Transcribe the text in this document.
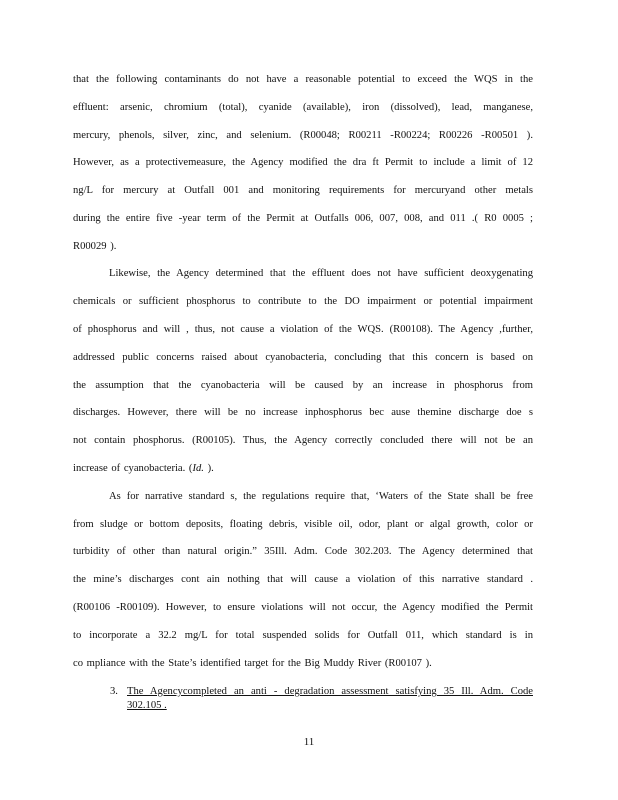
that the following contaminants do not have a reasonable potential to exceed the WQS in the
effluent: arsenic, chromium (total), cyanide (available), iron (dissolved), lead, manganese,
mercury, phenols, silver, zinc, and selenium. (R00048; R00211 -R00224; R00226 -R00501 ).
However, as a protectivemeasure, the Agency modified the dra ft Permit to include a limit of 12
ng/L for mercury at Outfall 001 and monitoring requirements for mercuryand other metals
during the entire five -year term of the Permit at Outfalls 006, 007, 008, and 011 .( R0 0005 ;
R00029 ).
Likewise, the Agency determined that the effluent does not have sufficient deoxygenating
chemicals or sufficient phosphorus to contribute to the DO impairment or potential impairment
of phosphorus and will , thus, not cause a violation of the WQS. (R00108). The Agency ,further,
addressed public concerns raised about cyanobacteria, concluding that this concern is based on
the assumption that the cyanobacteria will be caused by an increase in phosphorus from
discharges. However, there will be no increase inphosphorus bec ause themine discharge doe s
not contain phosphorus. (R00105). Thus, the Agency correctly concluded there will not be an
increase of cyanobacteria. (Id. ).
As for narrative standard s, the regulations require that, ‘Waters of the State shall be free
from sludge or bottom deposits, floating debris, visible oil, odor, plant or algal growth, color or
turbidity of other than natural origin.” 35Ill. Adm. Code 302.203. The Agency determined that
the mine’s discharges cont ain nothing that will cause a violation of this narrative standard .
(R00106 -R00109). However, to ensure violations will not occur, the Agency modified the Permit
to incorporate a 32.2 mg/L for total suspended solids for Outfall 011, which standard is in
co mpliance with the State’s identified target for the Big Muddy River (R00107 ).
3. The Agencycompleted an anti - degradation assessment satisfying 35 Ill. Adm. Code
302.105 .
11
